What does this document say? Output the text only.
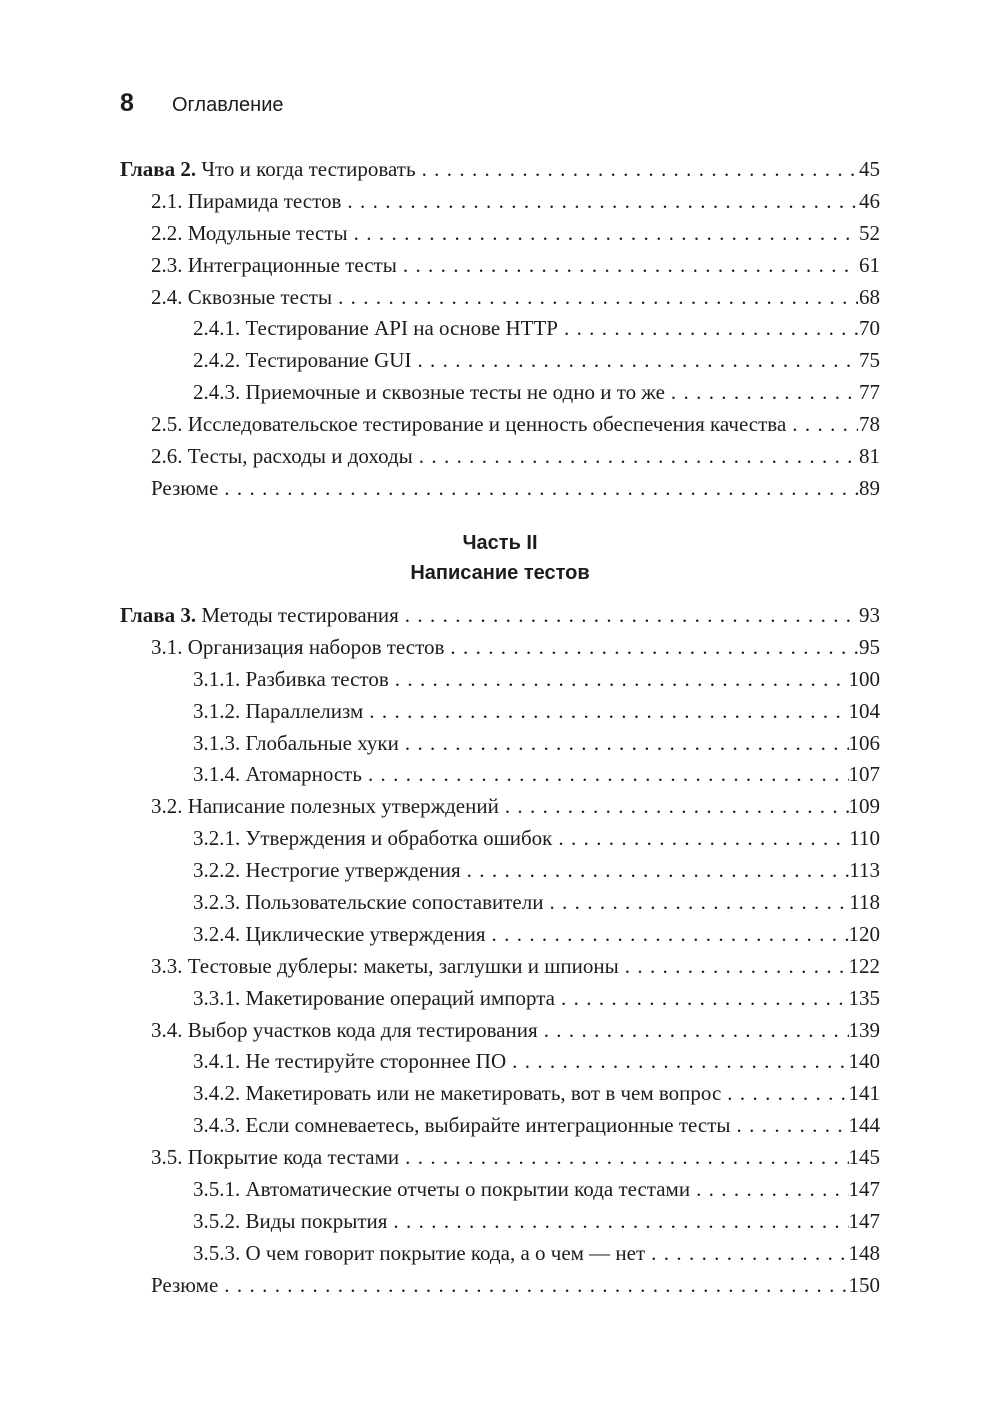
8	Оглавление
Глава 2. Что и когда тестировать . . .	45
2.1. Пирамида тестов . . .	46
2.2. Модульные тесты . . .	52
2.3. Интеграционные тесты . . .	61
2.4. Сквозные тесты . . .	68
2.4.1. Тестирование API на основе HTTP . . .	70
2.4.2. Тестирование GUI . . .	75
2.4.3. Приемочные и сквозные тесты не одно и то же . . .	77
2.5. Исследовательское тестирование и ценность обеспечения качества . . .	78
2.6. Тесты, расходы и доходы . . .	81
Резюме . . .	89
Часть II
Написание тестов
Глава 3. Методы тестирования . . .	93
3.1. Организация наборов тестов . . .	95
3.1.1. Разбивка тестов . . .	100
3.1.2. Параллелизм . . .	104
3.1.3. Глобальные хуки . . .	106
3.1.4. Атомарность . . .	107
3.2. Написание полезных утверждений . . .	109
3.2.1. Утверждения и обработка ошибок . . .	110
3.2.2. Нестрогие утверждения . . .	113
3.2.3. Пользовательские сопоставители . . .	118
3.2.4. Циклические утверждения . . .	120
3.3. Тестовые дублеры: макеты, заглушки и шпионы . . .	122
3.3.1. Макетирование операций импорта . . .	135
3.4. Выбор участков кода для тестирования . . .	139
3.4.1. Не тестируйте стороннее ПО . . .	140
3.4.2. Макетировать или не макетировать, вот в чем вопрос . . .	141
3.4.3. Если сомневаетесь, выбирайте интеграционные тесты . . .	144
3.5. Покрытие кода тестами . . .	145
3.5.1. Автоматические отчеты о покрытии кода тестами . . .	147
3.5.2. Виды покрытия . . .	147
3.5.3. О чем говорит покрытие кода, а о чем — нет . . .	148
Резюме . . .	150
